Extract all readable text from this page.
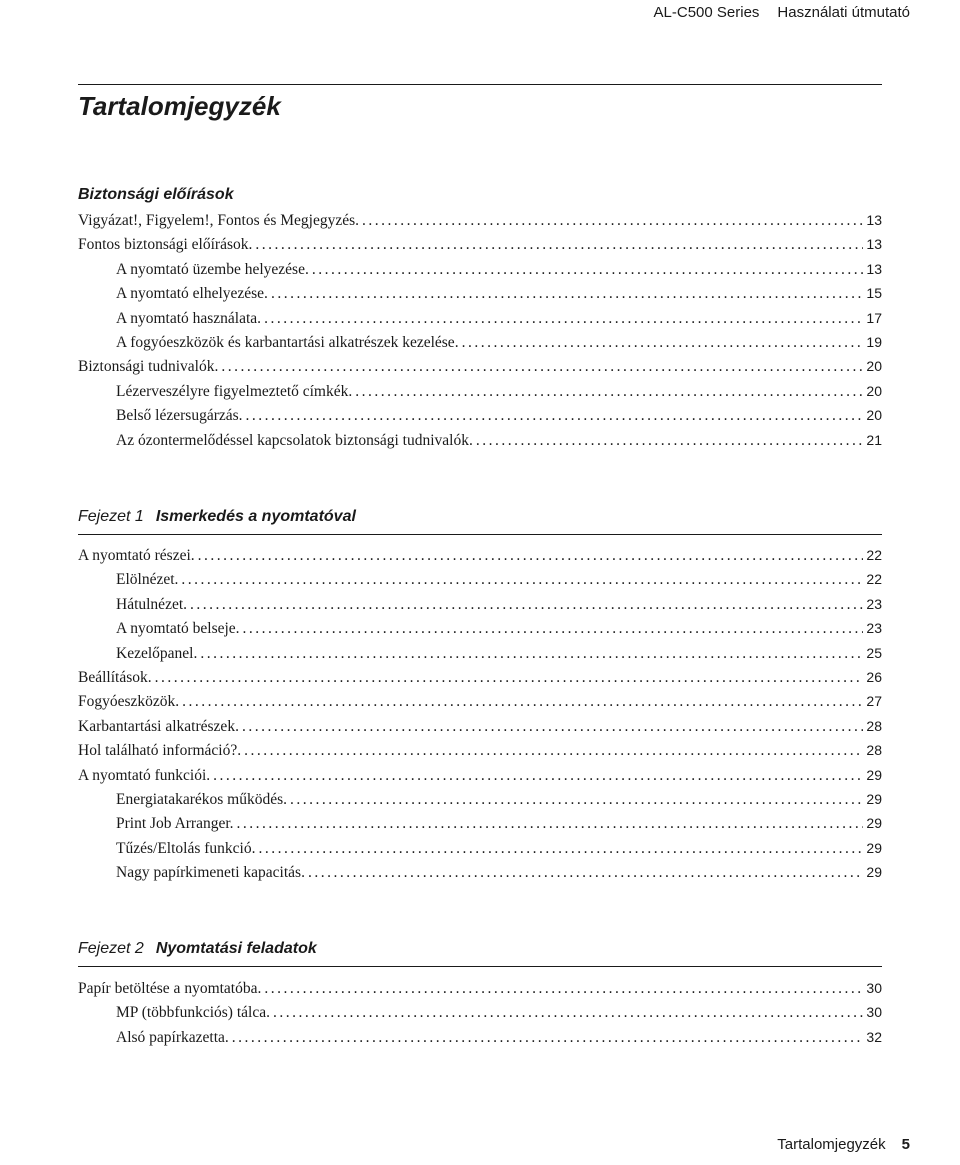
AL-C500 Series Használati útmutató
Tartalomjegyzék
Biztonsági előírások
Vigyázat!, Figyelem!, Fontos és Megjegyzés. .....	13
Fontos biztonsági előírások. .....	13
A nyomtató üzembe helyezése. .....	13
A nyomtató elhelyezése. .....	15
A nyomtató használata. .....	17
A fogyóeszközök és karbantartási alkatrészek kezelése. .....	19
Biztonsági tudnivalók. .....	20
Lézerveszélyre figyelmeztető címkék. .....	20
Belső lézersugárzás. .....	20
Az ózontermelődéssel kapcsolatok biztonsági tudnivalók. .....	21
Fejezet 1 Ismerkedés a nyomtatóval
A nyomtató részei. .....	22
Elölnézet. .....	22
Hátulnézet. .....	23
A nyomtató belseje. .....	23
Kezelőpanel. .....	25
Beállítások. .....	26
Fogyóeszközök. .....	27
Karbantartási alkatrészek. .....	28
Hol található információ?. .....	28
A nyomtató funkciói. .....	29
Energiatakarékos működés. .....	29
Print Job Arranger. .....	29
Tűzés/Eltolás funkció. .....	29
Nagy papírkimeneti kapacitás. .....	29
Fejezet 2 Nyomtatási feladatok
Papír betöltése a nyomtatóba. .....	30
MP (többfunkciós) tálca. .....	30
Alsó papírkazetta. .....	32
Tartalomjegyzék 5
